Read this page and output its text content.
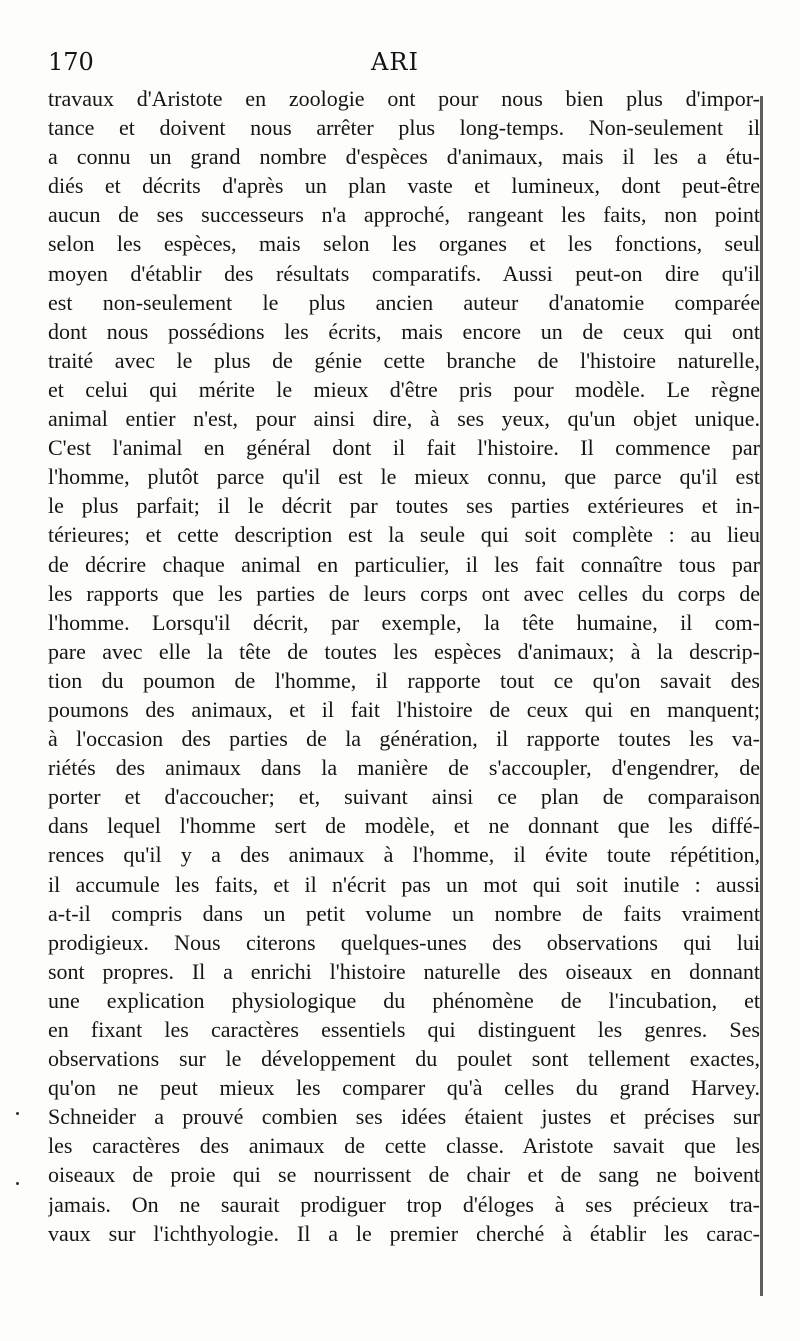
170	ARI
travaux d'Aristote en zoologie ont pour nous bien plus d'impor-
tance et doivent nous arrêter plus long-temps. Non-seulement il
a connu un grand nombre d'espèces d'animaux, mais il les a étu-
diés et décrits d'après un plan vaste et lumineux, dont peut-être
aucun de ses successeurs n'a approché, rangeant les faits, non point
selon les espèces, mais selon les organes et les fonctions, seul
moyen d'établir des résultats comparatifs. Aussi peut-on dire qu'il
est non-seulement le plus ancien auteur d'anatomie comparée
dont nous possédions les écrits, mais encore un de ceux qui ont
traité avec le plus de génie cette branche de l'histoire naturelle,
et celui qui mérite le mieux d'être pris pour modèle. Le règne
animal entier n'est, pour ainsi dire, à ses yeux, qu'un objet unique.
C'est l'animal en général dont il fait l'histoire. Il commence par
l'homme, plutôt parce qu'il est le mieux connu, que parce qu'il est
le plus parfait; il le décrit par toutes ses parties extérieures et in-
térieures; et cette description est la seule qui soit complète : au lieu
de décrire chaque animal en particulier, il les fait connaître tous par
les rapports que les parties de leurs corps ont avec celles du corps de
l'homme. Lorsqu'il décrit, par exemple, la tête humaine, il com-
pare avec elle la tête de toutes les espèces d'animaux; à la descrip-
tion du poumon de l'homme, il rapporte tout ce qu'on savait des
poumons des animaux, et il fait l'histoire de ceux qui en manquent;
à l'occasion des parties de la génération, il rapporte toutes les va-
riétés des animaux dans la manière de s'accoupler, d'engendrer, de
porter et d'accoucher; et, suivant ainsi ce plan de comparaison
dans lequel l'homme sert de modèle, et ne donnant que les diffé-
rences qu'il y a des animaux à l'homme, il évite toute répétition,
il accumule les faits, et il n'écrit pas un mot qui soit inutile : aussi
a-t-il compris dans un petit volume un nombre de faits vraiment
prodigieux. Nous citerons quelques-unes des observations qui lui
sont propres. Il a enrichi l'histoire naturelle des oiseaux en donnant
une explication physiologique du phénomène de l'incubation, et
en fixant les caractères essentiels qui distinguent les genres. Ses
observations sur le développement du poulet sont tellement exactes,
qu'on ne peut mieux les comparer qu'à celles du grand Harvey.
Schneider a prouvé combien ses idées étaient justes et précises sur
les caractères des animaux de cette classe. Aristote savait que les
oiseaux de proie qui se nourrissent de chair et de sang ne boivent
jamais. On ne saurait prodiguer trop d'éloges à ses précieux tra-
vaux sur l'ichthyologie. Il a le premier cherché à établir les carac-
